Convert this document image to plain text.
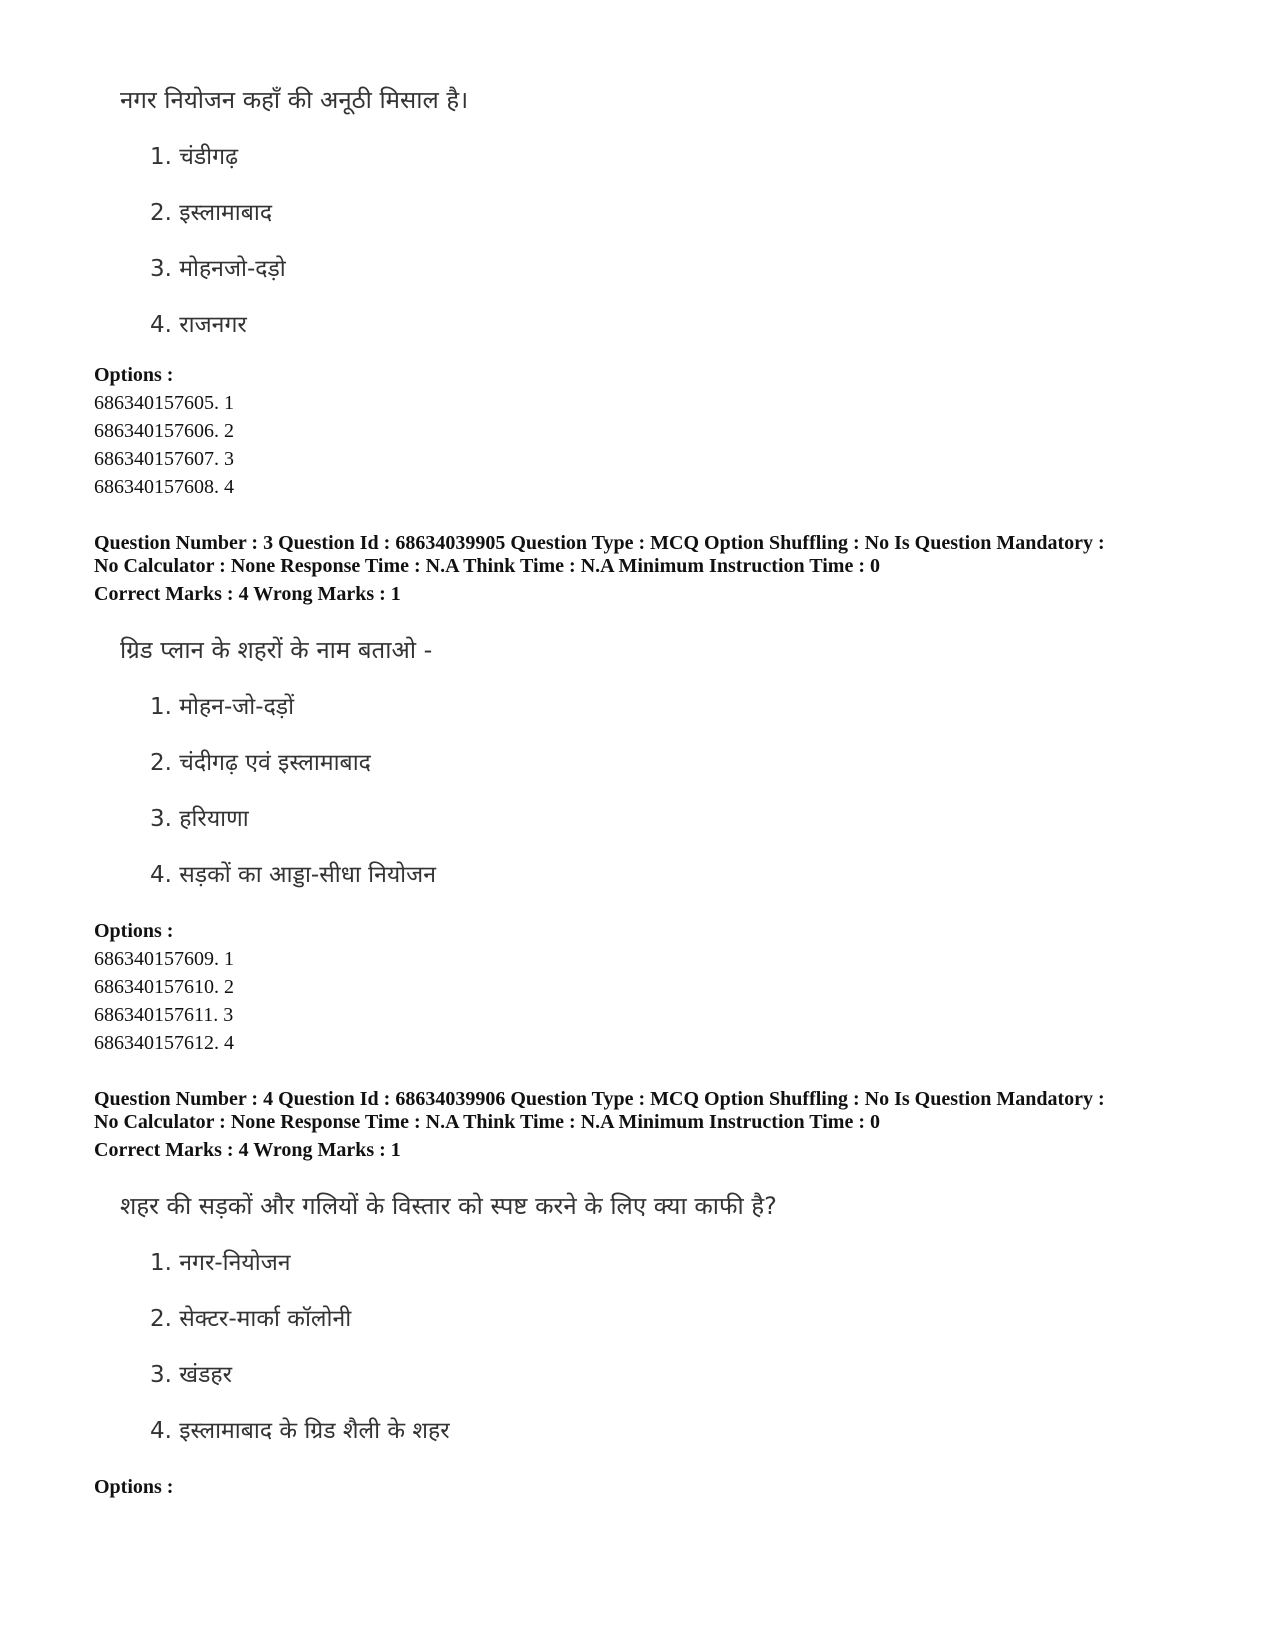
नगर नियोजन कहाँ की अनूठी मिसाल है।
1. चंडीगढ़
2. इस्लामाबाद
3. मोहनजो-दड़ो
4. राजनगर
Options :
686340157605. 1
686340157606. 2
686340157607. 3
686340157608. 4
Question Number : 3 Question Id : 68634039905 Question Type : MCQ Option Shuffling : No Is Question Mandatory :
No Calculator : None Response Time : N.A Think Time : N.A Minimum Instruction Time : 0
Correct Marks : 4 Wrong Marks : 1
ग्रिड प्लान के शहरों के नाम बताओ -
1. मोहन-जो-दड़ों
2. चंदीगढ़ एवं इस्लामाबाद
3. हरियाणा
4. सड़कों का आड्डा-सीधा नियोजन
Options :
686340157609. 1
686340157610. 2
686340157611. 3
686340157612. 4
Question Number : 4 Question Id : 68634039906 Question Type : MCQ Option Shuffling : No Is Question Mandatory :
No Calculator : None Response Time : N.A Think Time : N.A Minimum Instruction Time : 0
Correct Marks : 4 Wrong Marks : 1
शहर की सड़कों और गलियों के विस्तार को स्पष्ट करने के लिए क्या काफी है?
1. नगर-नियोजन
2. सेक्टर-मार्का कॉलोनी
3. खंडहर
4. इस्लामाबाद के ग्रिड शैली के शहर
Options :
